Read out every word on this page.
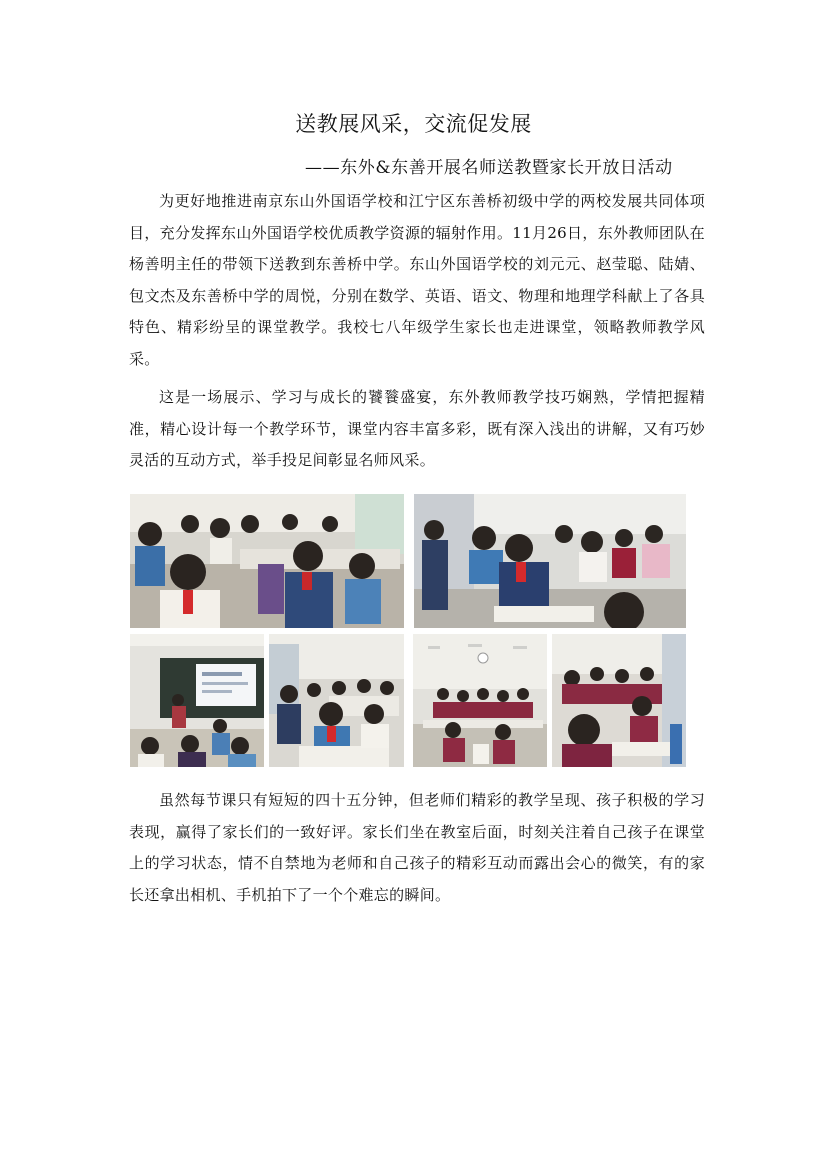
送教展风采，交流促发展
——东外&东善开展名师送教暨家长开放日活动

为更好地推进南京东山外国语学校和江宁区东善桥初级中学的两校发展共同体项目，充分发挥东山外国语学校优质教学资源的辐射作用。11月26日，东外教师团队在杨善明主任的带领下送教到东善桥中学。东山外国语学校的刘元元、赵莹聪、陆婧、包文杰及东善桥中学的周悦，分别在数学、英语、语文、物理和地理学科献上了各具特色、精彩纷呈的课堂教学。我校七八年级学生家长也走进课堂，领略教师教学风采。

这是一场展示、学习与成长的饕餮盛宴，东外教师教学技巧娴熟，学情把握精准，精心设计每一个教学环节，课堂内容丰富多彩，既有深入浅出的讲解，又有巧妙灵活的互动方式，举手投足间彰显名师风采。

虽然每节课只有短短的四十五分钟，但老师们精彩的教学呈现、孩子积极的学习表现，赢得了家长们的一致好评。家长们坐在教室后面，时刻关注着自己孩子在课堂上的学习状态，情不自禁地为老师和自己孩子的精彩互动而露出会心的微笑，有的家长还拿出相机、手机拍下了一个个难忘的瞬间。
